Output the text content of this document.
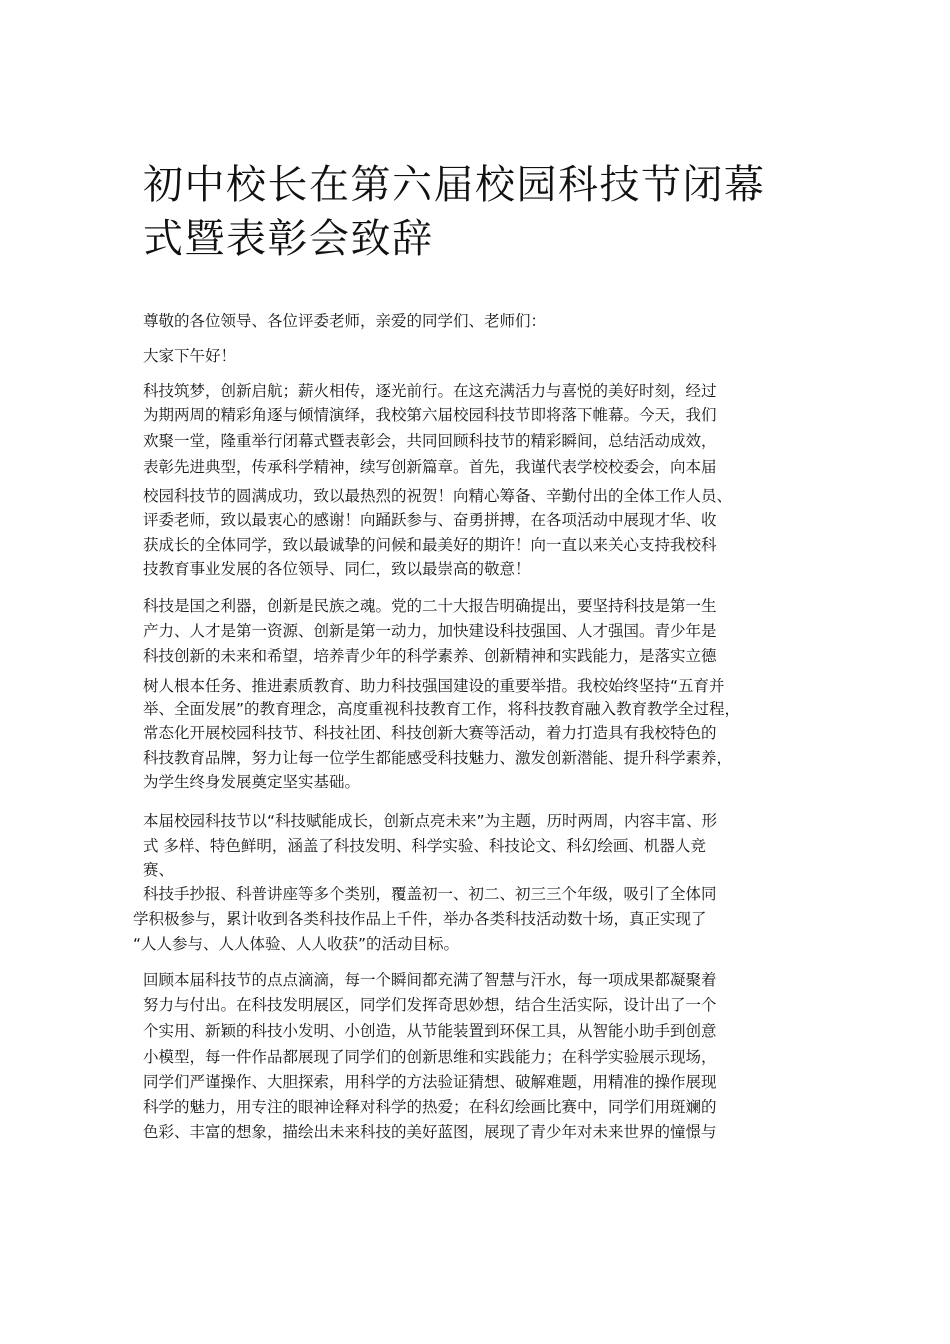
初中校长在第六届校园科技节闭幕
式暨表彰会致辞
尊敬的各位领导、各位评委老师，亲爱的同学们、老师们：
大家下午好！
科技筑梦，创新启航；薪火相传，逐光前行。在这充满活力与喜悦的美好时刻，经过
为期两周的精彩角逐与倾情演绎，我校第六届校园科技节即将落下帷幕。今天，我们
欢聚一堂，隆重举行闭幕式暨表彰会，共同回顾科技节的精彩瞬间，总结活动成效，
表彰先进典型，传承科学精神，续写创新篇章。首先，我谨代表学校校委会，向本届
校园科技节的圆满成功，致以最热烈的祝贺！向精心筹备、辛勤付出的全体工作人员、
评委老师，致以最衷心的感谢！向踊跃参与、奋勇拼搏，在各项活动中展现才华、收
获成长的全体同学，致以最诚挚的问候和最美好的期许！向一直以来关心支持我校科
技教育事业发展的各位领导、同仁，致以最崇高的敬意！
科技是国之利器，创新是民族之魂。党的二十大报告明确提出，要坚持科技是第一生
产力、人才是第一资源、创新是第一动力，加快建设科技强国、人才强国。青少年是
科技创新的未来和希望，培养青少年的科学素养、创新精神和实践能力，是落实立德
树人根本任务、推进素质教育、助力科技强国建设的重要举措。我校始终坚持“五育并
举、全面发展”的教育理念，高度重视科技教育工作，将科技教育融入教育教学全过程，
常态化开展校园科技节、科技社团、科技创新大赛等活动，着力打造具有我校特色的
科技教育品牌，努力让每一位学生都能感受科技魅力、激发创新潜能、提升科学素养，
为学生终身发展奠定坚实基础。
本届校园科技节以“科技赋能成长，创新点亮未来”为主题，历时两周，内容丰富、形
式 多样、特色鲜明，涵盖了科技发明、科学实验、科技论文、科幻绘画、机器人竞
赛、
科技手抄报、科普讲座等多个类别，覆盖初一、初二、初三三个年级，吸引了全体同
学积极参与，累计收到各类科技作品上千件，举办各类科技活动数十场，真正实现了
“人人参与、人人体验、人人收获”的活动目标。
回顾本届科技节的点点滴滴，每一个瞬间都充满了智慧与汗水，每一项成果都凝聚着
努力与付出。在科技发明展区，同学们发挥奇思妙想，结合生活实际，设计出了一个
个实用、新颖的科技小发明、小创造，从节能装置到环保工具，从智能小助手到创意
小模型，每一件作品都展现了同学们的创新思维和实践能力；在科学实验展示现场，
同学们严谨操作、大胆探索，用科学的方法验证猜想、破解难题，用精准的操作展现
科学的魅力，用专注的眼神诠释对科学的热爱；在科幻绘画比赛中，同学们用斑斓的
色彩、丰富的想象，描绘出未来科技的美好蓝图，展现了青少年对未来世界的憧憬与
